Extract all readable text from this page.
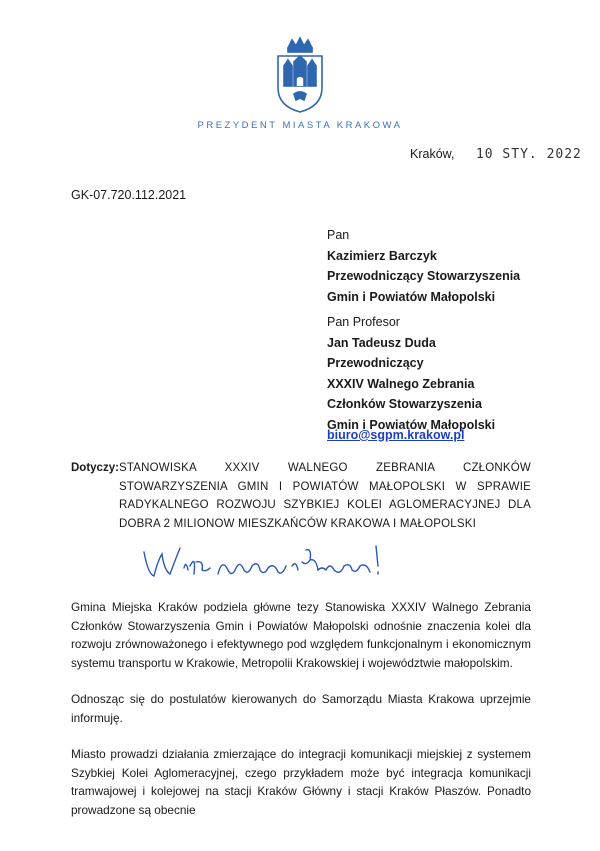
PREZYDENT MIASTA KRAKOWA
Kraków, 10 STY. 2022
GK-07.720.112.2021
Pan
Kazimierz Barczyk
Przewodniczący Stowarzyszenia
Gmin i Powiatów Małopolski
Pan Profesor
Jan Tadeusz Duda
Przewodniczący
XXXIV Walnego Zebrania
Członków Stowarzyszenia
Gmin i Powiatów Małopolski
biuro@sgpm.krakow.pl
Dotyczy: STANOWISKA XXXIV WALNEGO ZEBRANIA CZŁONKÓW STOWARZYSZENIA GMIN I POWIATÓW MAŁOPOLSKI W SPRAWIE RADYKALNEGO ROZWOJU SZYBKIEJ KOLEI AGLOMERACYJNEJ DLA DOBRA 2 MILIONOW MIESZKAŃCÓW KRAKOWA I MAŁOPOLSKI

Gmina Miejska Kraków podziela główne tezy Stanowiska XXXIV Walnego Zebrania Członków Stowarzyszenia Gmin i Powiatów Małopolski odnośnie znaczenia kolei dla rozwoju zrównoważonego i efektywnego pod względem funkcjonalnym i ekonomicznym systemu transportu w Krakowie, Metropolii Krakowskiej i województwie małopolskim.

Odnosząc się do postulatów kierowanych do Samorządu Miasta Krakowa uprzejmie informuję.

Miasto prowadzi działania zmierzające do integracji komunikacji miejskiej z systemem Szybkiej Kolei Aglomeracyjnej, czego przykładem może być integracja komunikacji tramwajowej i kolejowej na stacji Kraków Główny i stacji Kraków Płaszów. Ponadto prowadzone są obecnie
